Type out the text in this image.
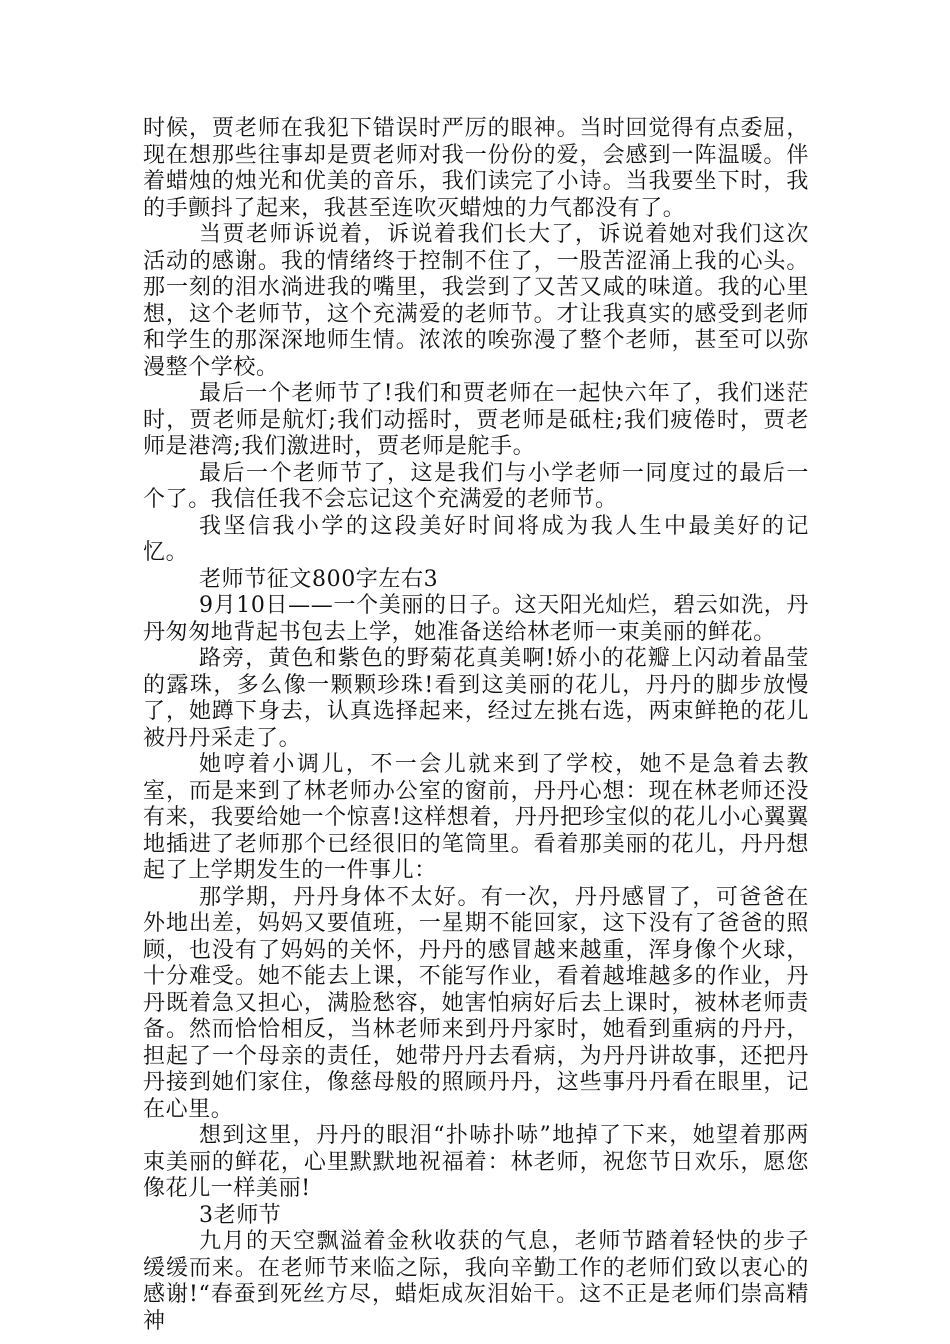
时候，贾老师在我犯下错误时严厉的眼神。当时回觉得有点委屈，现在想那些往事却是贾老师对我一份份的爱，会感到一阵温暖。伴着蜡烛的烛光和优美的音乐，我们读完了小诗。当我要坐下时，我的手颤抖了起来，我甚至连吹灭蜡烛的力气都没有了。

当贾老师诉说着，诉说着我们长大了，诉说着她对我们这次活动的感谢。我的情绪终于控制不住了，一股苦涩涌上我的心头。那一刻的泪水淌进我的嘴里，我尝到了又苦又咸的味道。我的心里想，这个老师节，这个充满爱的老师节。才让我真实的感受到老师和学生的那深深地师生情。浓浓的唉弥漫了整个老师，甚至可以弥漫整个学校。

最后一个老师节了!我们和贾老师在一起快六年了，我们迷茫时，贾老师是航灯;我们动摇时，贾老师是砥柱;我们疲倦时，贾老师是港湾;我们激进时，贾老师是舵手。

最后一个老师节了，这是我们与小学老师一同度过的最后一个了。我信任我不会忘记这个充满爱的老师节。

我坚信我小学的这段美好时间将成为我人生中最美好的记忆。

老师节征文800字左右3

9月10日——一个美丽的日子。这天阳光灿烂，碧云如洗，丹丹匆匆地背起书包去上学，她准备送给林老师一束美丽的鲜花。

路旁，黄色和紫色的野菊花真美啊!娇小的花瓣上闪动着晶莹的露珠，多么像一颗颗珍珠!看到这美丽的花儿，丹丹的脚步放慢了，她蹲下身去，认真选择起来，经过左挑右选，两束鲜艳的花儿被丹丹采走了。

她哼着小调儿，不一会儿就来到了学校，她不是急着去教室，而是来到了林老师办公室的窗前，丹丹心想：现在林老师还没有来，我要给她一个惊喜!这样想着，丹丹把珍宝似的花儿小心翼翼地插进了老师那个已经很旧的笔筒里。看着那美丽的花儿，丹丹想起了上学期发生的一件事儿：

那学期，丹丹身体不太好。有一次，丹丹感冒了，可爸爸在外地出差，妈妈又要值班，一星期不能回家，这下没有了爸爸的照顾，也没有了妈妈的关怀，丹丹的感冒越来越重，浑身像个火球，十分难受。她不能去上课，不能写作业，看着越堆越多的作业，丹丹既着急又担心，满脸愁容，她害怕病好后去上课时，被林老师责备。然而恰恰相反，当林老师来到丹丹家时，她看到重病的丹丹，担起了一个母亲的责任，她带丹丹去看病，为丹丹讲故事，还把丹丹接到她们家住，像慈母般的照顾丹丹，这些事丹丹看在眼里，记在心里。

想到这里，丹丹的眼泪“扑哧扑哧”地掉了下来，她望着那两束美丽的鲜花，心里默默地祝福着：林老师，祝您节日欢乐，愿您像花儿一样美丽!

3老师节

九月的天空飘溢着金秋收获的气息，老师节踏着轻快的步子缓缓而来。在老师节来临之际，我向辛勤工作的老师们致以衷心的感谢!“春蚕到死丝方尽，蜡炬成灰泪始干。这不正是老师们崇高精神
